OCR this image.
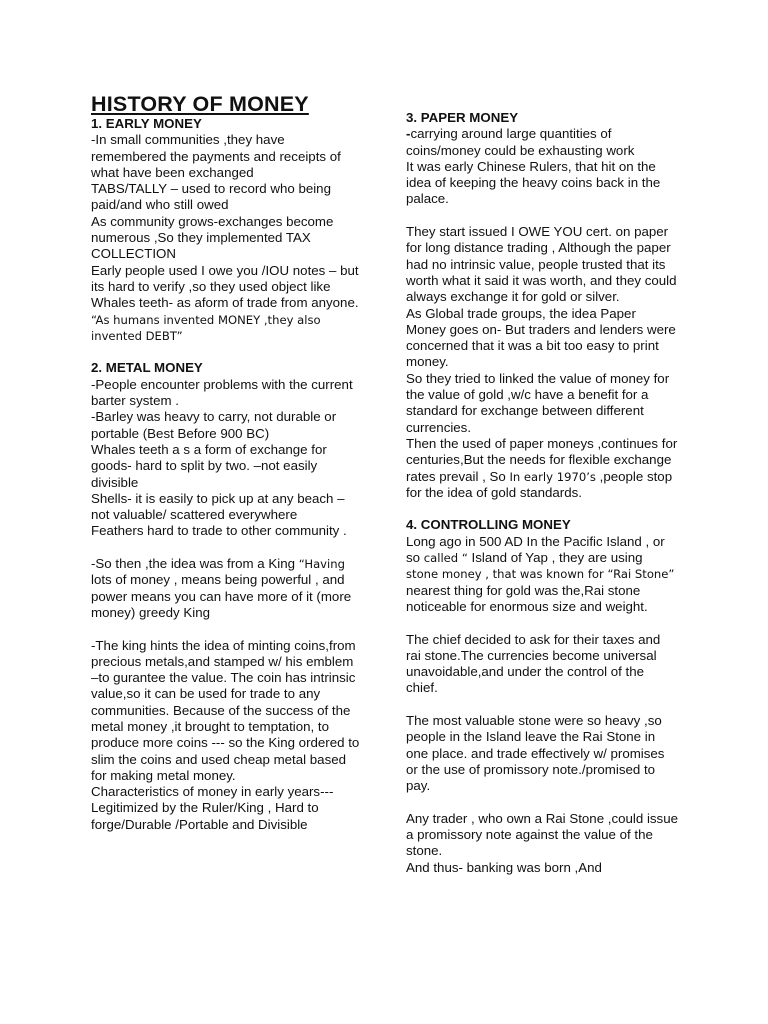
HISTORY OF MONEY

1. EARLY MONEY

-In small communities ,they have remembered the payments and receipts of what have been exchanged

TABS/TALLY – used to record who being paid/and who still owed

As community grows-exchanges become numerous ,So they implemented TAX COLLECTION

Early people used I owe you /IOU notes – but its hard to verify ,so they used object like

Whales teeth- as aform of trade from anyone.

“As humans invented MONEY ,they also invented DEBT”

2. METAL MONEY

-People encounter problems with the current barter system .

-Barley was heavy to carry, not durable or portable (Best Before 900 BC)

Whales teeth a s a form of exchange for goods- hard to split by two. –not easily divisible

Shells- it is easily to pick up at any beach – not valuable/ scattered everywhere

Feathers hard to trade to other community .

-So then ,the idea was from a King “Having lots of money , means being powerful , and power means you can have more of it (more money) greedy King

-The king hints the idea of minting coins,from precious metals,and stamped w/ his emblem –to gurantee the value. The coin has intrinsic value,so it can be used for trade to any communities. Because of the success of the metal money ,it brought to temptation, to produce more coins --- so the King ordered to slim the coins and used cheap metal based for making metal money.

Characteristics of money in early years---Legitimized by the Ruler/King , Hard to forge/Durable /Portable and Divisible

3. PAPER MONEY

-carrying around large quantities of coins/money could be exhausting work

It was early Chinese Rulers, that hit on the idea of keeping the heavy coins back in the palace.

They start issued I OWE YOU cert. on paper for long distance trading , Although the paper had no intrinsic value, people trusted that its worth what it said it was worth, and they could always exchange it for gold or silver.

As Global trade groups, the idea Paper Money goes on- But traders and lenders were concerned that it was a bit too easy to print money.

So they tried to linked the value of money for the value of gold ,w/c have a benefit for a standard for exchange between different currencies.

Then the used of paper moneys ,continues for centuries,But the needs for flexible exchange rates prevail , So In early 1970’s ,people stop for the idea of gold standards.

4. CONTROLLING MONEY

Long ago in 500 AD In the Pacific Island , or so called “ Island of Yap , they are using stone money , that was known for “Rai Stone” nearest thing for gold was the,Rai stone noticeable for enormous size and weight.

The chief decided to ask for their taxes and rai stone.The currencies become universal unavoidable,and under the control of the chief.

The most valuable stone were so heavy ,so people in the Island leave the Rai Stone in one place. and trade effectively w/ promises or the use of promissory note./promised to pay.

Any trader , who own a Rai Stone ,could issue a promissory note against the value of the stone.

And thus- banking was born ,And
